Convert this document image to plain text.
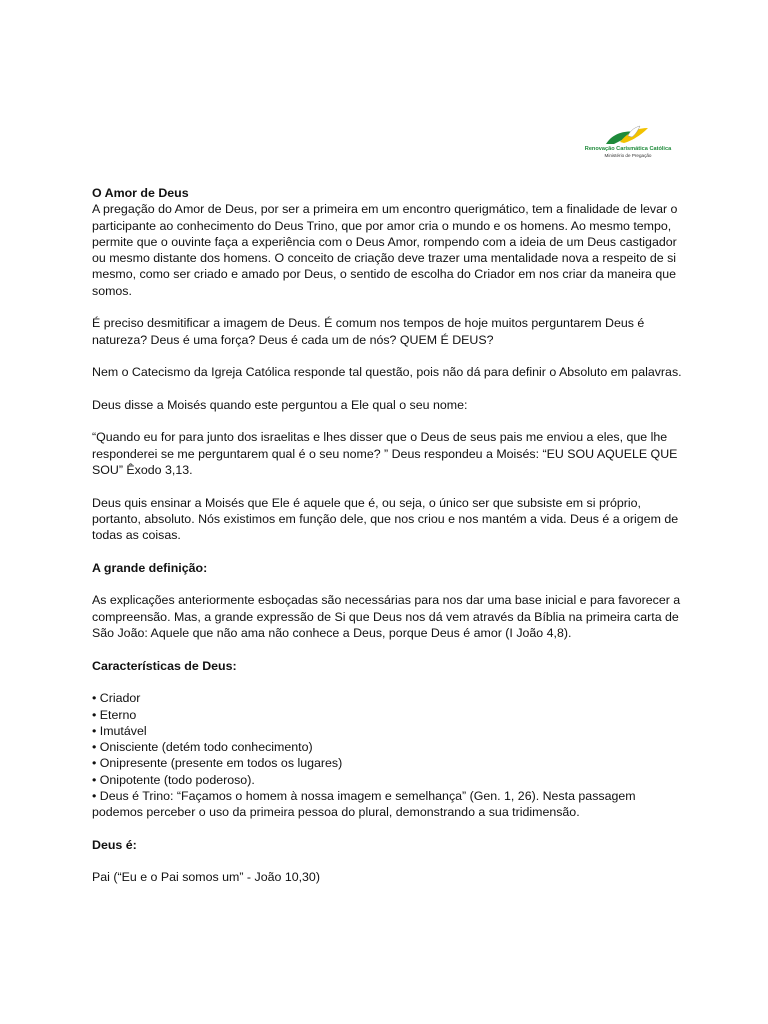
Renovação Carismática Católica
Ministério de Pregação

O Amor de Deus

A pregação do Amor de Deus, por ser a primeira em um encontro querigmático, tem a finalidade de levar o participante ao conhecimento do Deus Trino, que por amor cria o mundo e os homens. Ao mesmo tempo, permite que o ouvinte faça a experiência com o Deus Amor, rompendo com a ideia de um Deus castigador ou mesmo distante dos homens. O conceito de criação deve trazer uma mentalidade nova a respeito de si mesmo, como ser criado e amado por Deus, o sentido de escolha do Criador em nos criar da maneira que somos.

É preciso desmitificar a imagem de Deus. É comum nos tempos de hoje muitos perguntarem Deus é natureza? Deus é uma força? Deus é cada um de nós? QUEM É DEUS?

Nem o Catecismo da Igreja Católica responde tal questão, pois não dá para definir o Absoluto em palavras.

Deus disse a Moisés quando este perguntou a Ele qual o seu nome:

“Quando eu for para junto dos israelitas e lhes disser que o Deus de seus pais me enviou a eles, que lhe responderei se me perguntarem qual é o seu nome? ” Deus respondeu a Moisés: “EU SOU AQUELE QUE SOU” Êxodo 3,13.

Deus quis ensinar a Moisés que Ele é aquele que é, ou seja, o único ser que subsiste em si próprio, portanto, absoluto. Nós existimos em função dele, que nos criou e nos mantém a vida. Deus é a origem de todas as coisas.

A grande definição:

As explicações anteriormente esboçadas são necessárias para nos dar uma base inicial e para favorecer a compreensão. Mas, a grande expressão de Si que Deus nos dá vem através da Bíblia na primeira carta de São João: Aquele que não ama não conhece a Deus, porque Deus é amor (I João 4,8).

Características de Deus:

• Criador
• Eterno
• Imutável
• Onisciente (detém todo conhecimento)
• Onipresente (presente em todos os lugares)
• Onipotente (todo poderoso).
• Deus é Trino: “Façamos o homem à nossa imagem e semelhança” (Gen. 1, 26). Nesta passagem podemos perceber o uso da primeira pessoa do plural, demonstrando a sua tridimensão.

Deus é:

Pai (“Eu e o Pai somos um” - João 10,30)
